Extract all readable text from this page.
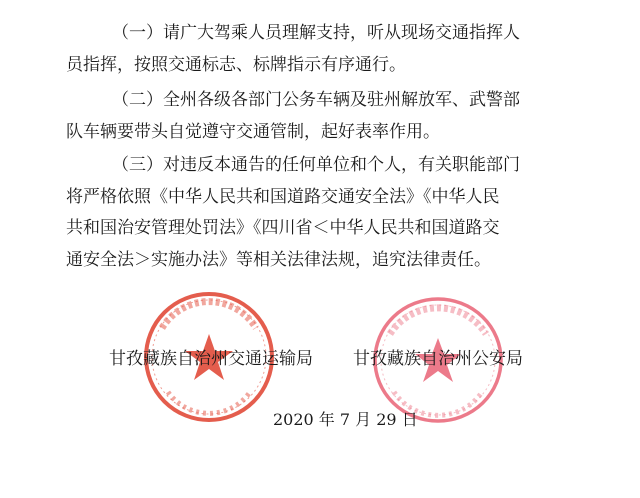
（一）请广大驾乘人员理解支持，听从现场交通指挥人
员指挥，按照交通标志、标牌指示有序通行。

（二）全州各级各部门公务车辆及驻州解放军、武警部
队车辆要带头自觉遵守交通管制，起好表率作用。

（三）对违反本通告的任何单位和个人，有关职能部门
将严格依照《中华人民共和国道路交通安全法》《中华人民
共和国治安管理处罚法》《四川省＜中华人民共和国道路交
通安全法＞实施办法》等相关法律法规，追究法律责任。

甘孜藏族自治州交通运输局 甘孜藏族自治州公安局
2020 年 7 月 29 日
